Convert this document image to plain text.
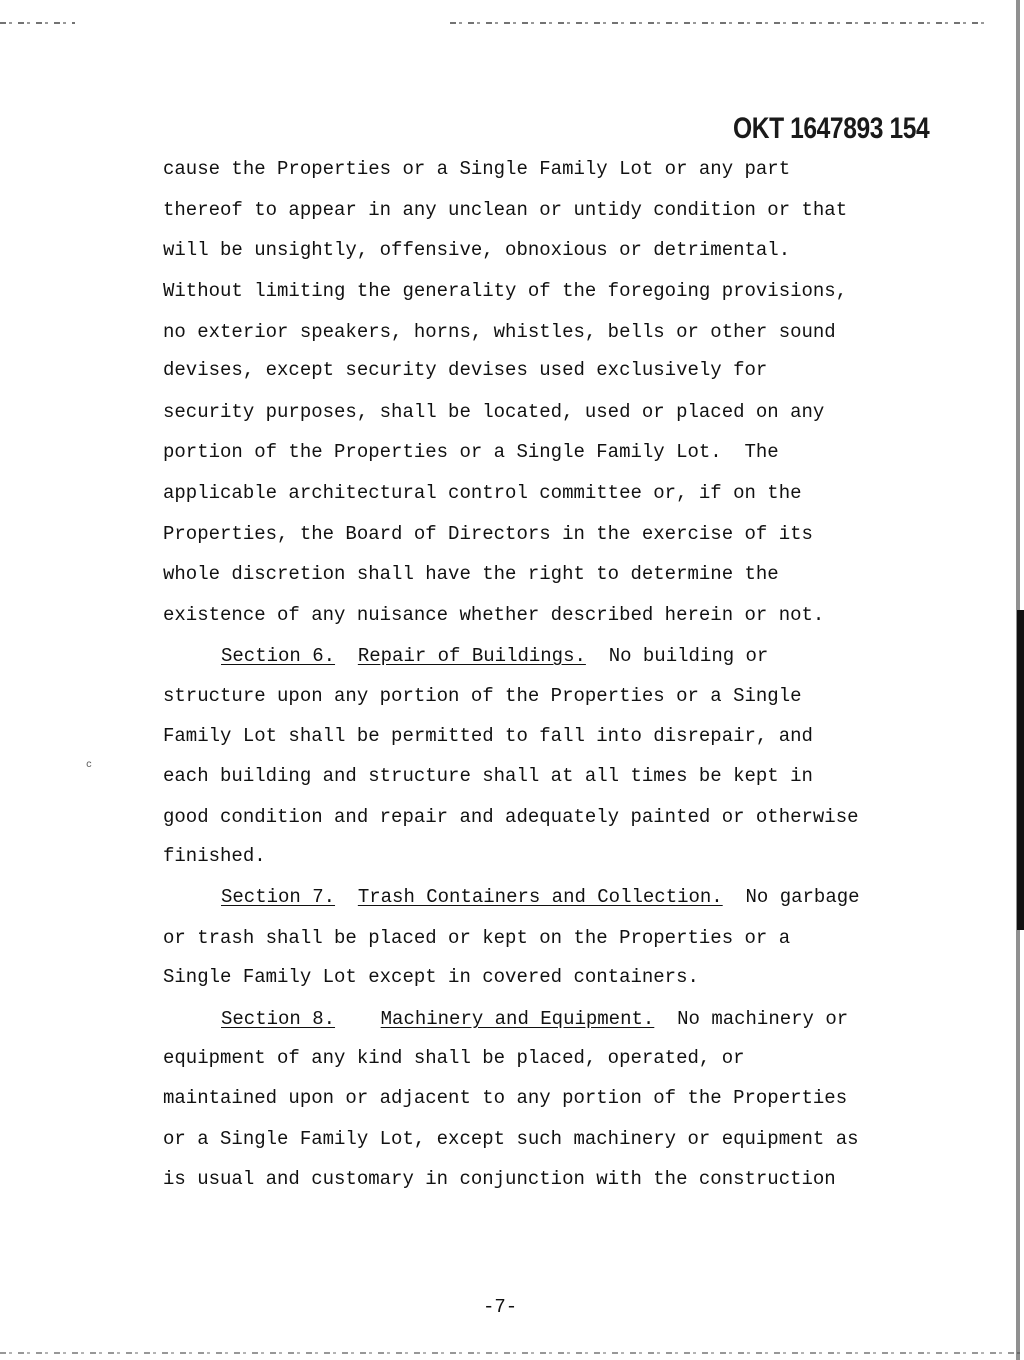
c
OKT 1647893 154
cause the Properties or a Single Family Lot or any part
thereof to appear in any unclean or untidy condition or that
will be unsightly, offensive, obnoxious or detrimental.
Without limiting the generality of the foregoing provisions,
no exterior speakers, horns, whistles, bells or other sound
devises, except security devises used exclusively for
security purposes, shall be located, used or placed on any
portion of the Properties or a Single Family Lot.  The
applicable architectural control committee or, if on the
Properties, the Board of Directors in the exercise of its
whole discretion shall have the right to determine the
existence of any nuisance whether described herein or not.
Section 6. Repair of Buildings. No building or
structure upon any portion of the Properties or a Single
Family Lot shall be permitted to fall into disrepair, and
each building and structure shall at all times be kept in
good condition and repair and adequately painted or otherwise
finished.
Section 7. Trash Containers and Collection. No garbage
or trash shall be placed or kept on the Properties or a
Single Family Lot except in covered containers.
Section 8. Machinery and Equipment. No machinery or
equipment of any kind shall be placed, operated, or
maintained upon or adjacent to any portion of the Properties
or a Single Family Lot, except such machinery or equipment as
is usual and customary in conjunction with the construction
-7-
